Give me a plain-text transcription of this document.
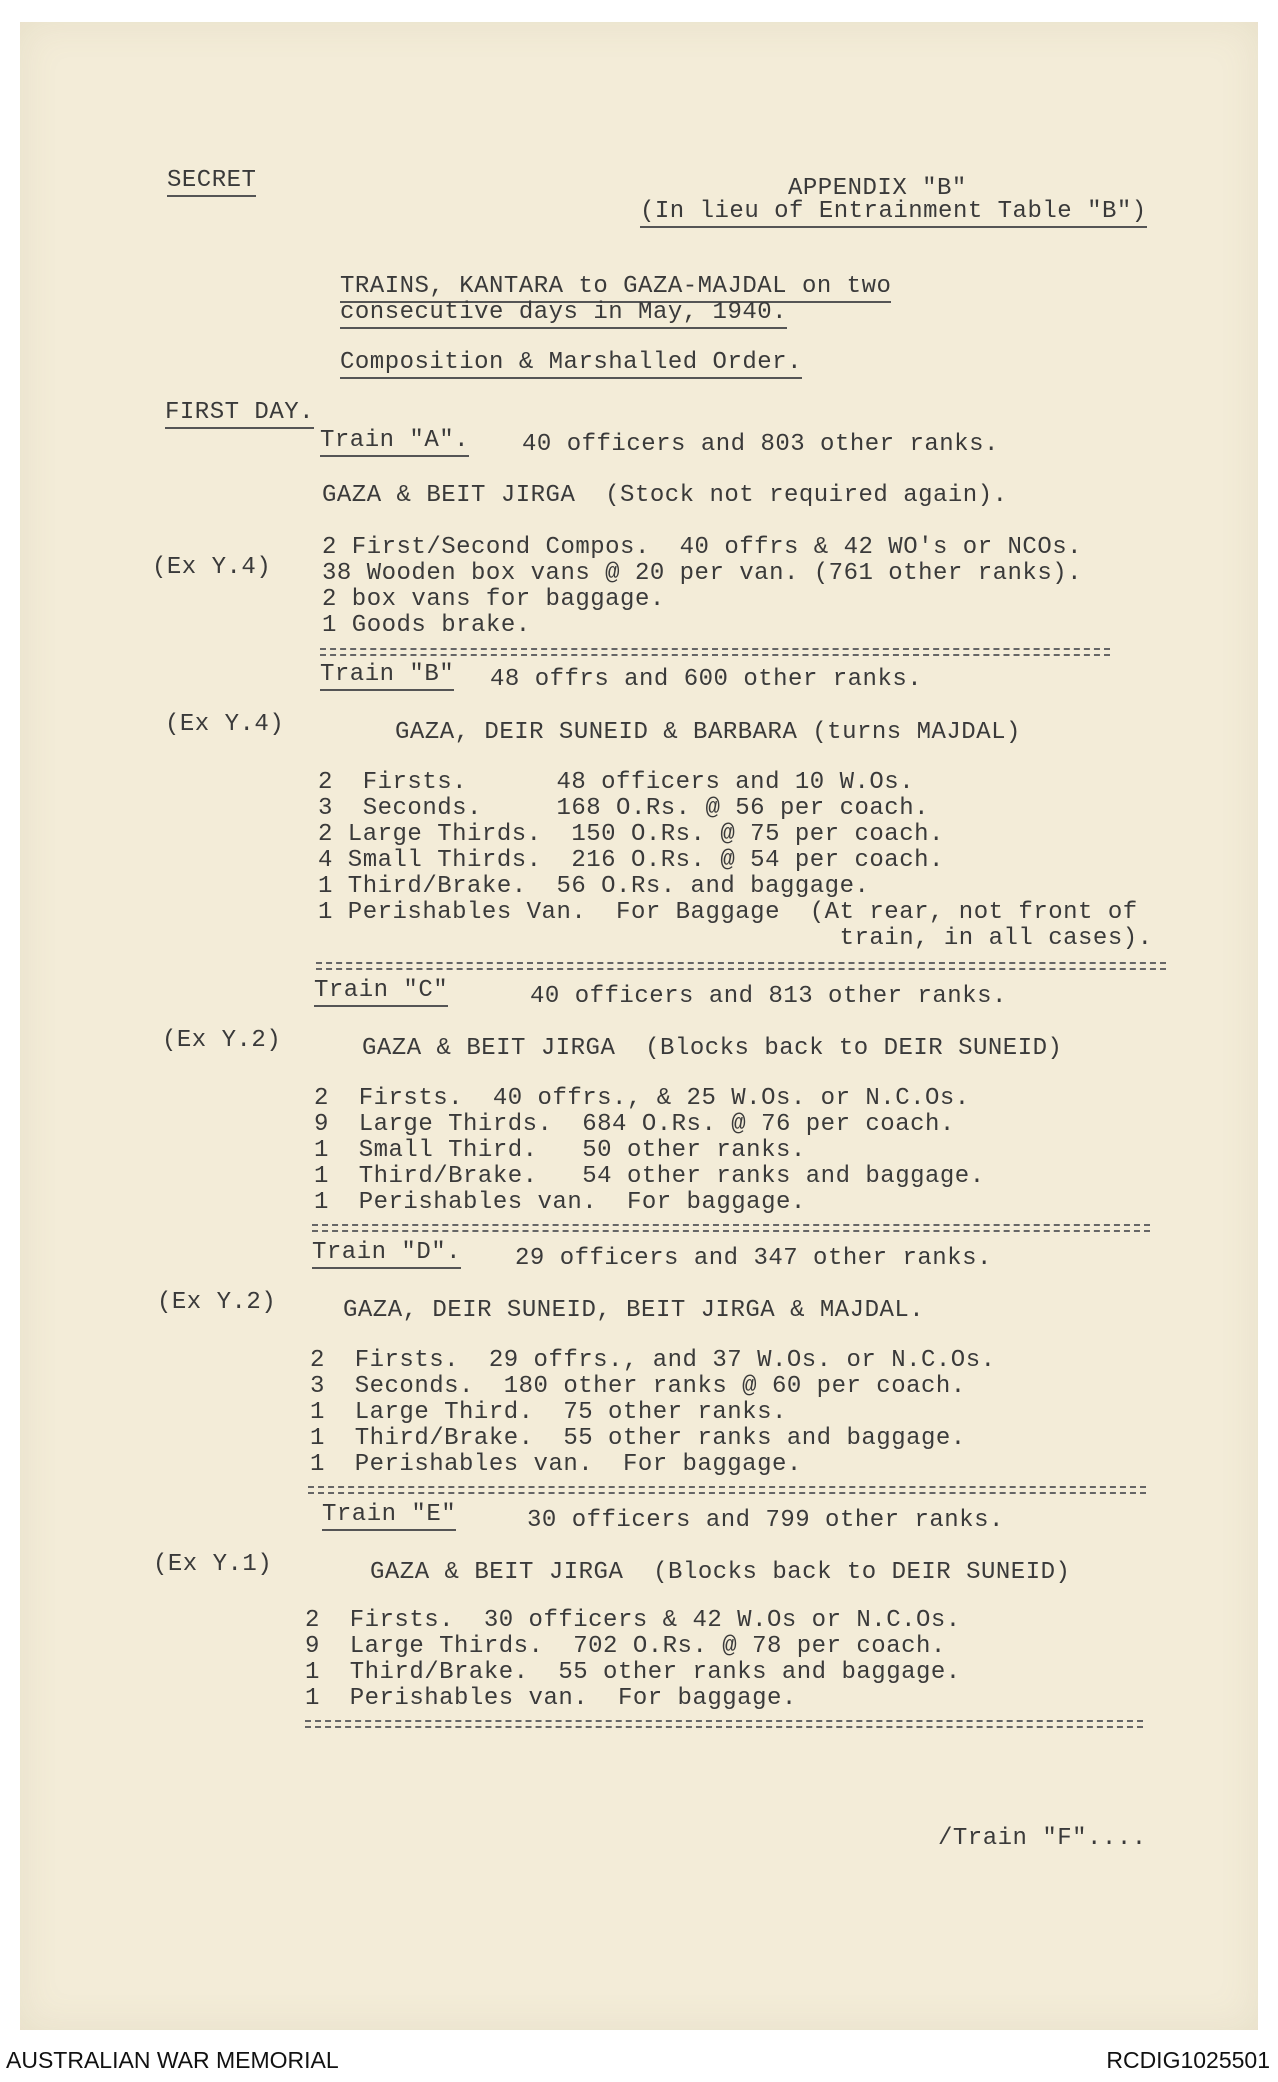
SECRET	APPENDIX "B"
(In lieu of Entrainment Table "B")
TRAINS, KANTARA to GAZA-MAJDAL on two
consecutive days in May, 1940.
Composition & Marshalled Order.
FIRST DAY.
Train "A". 40 officers and 803 other ranks.
GAZA & BEIT JIRGA  (Stock not required again).
(Ex Y.4)
2 First/Second Compos.  40 offrs & 42 WO's or NCOs.
38 Wooden box vans @ 20 per van. (761 other ranks).
2 box vans for baggage.
1 Goods brake.
Train "B" 48 offrs and 600 other ranks.
(Ex Y.4)	GAZA, DEIR SUNEID & BARBARA (turns MAJDAL)
2  Firsts.      48 officers and 10 W.Os.
3  Seconds.     168 O.Rs. @ 56 per coach.
2 Large Thirds.  150 O.Rs. @ 75 per coach.
4 Small Thirds.  216 O.Rs. @ 54 per coach.
1 Third/Brake.  56 O.Rs. and baggage.
1 Perishables Van.  For Baggage  (At rear, not front of
train, in all cases).
Train "C"	40 officers and 813 other ranks.
(Ex Y.2)	GAZA & BEIT JIRGA  (Blocks back to DEIR SUNEID)
2  Firsts.  40 offrs., & 25 W.Os. or N.C.Os.
9  Large Thirds.  684 O.Rs. @ 76 per coach.
1  Small Third.   50 other ranks.
1  Third/Brake.   54 other ranks and baggage.
1  Perishables van.  For baggage.
Train "D". 29 officers and 347 other ranks.
(Ex Y.2)	GAZA, DEIR SUNEID, BEIT JIRGA & MAJDAL.
2  Firsts.  29 offrs., and 37 W.Os. or N.C.Os.
3  Seconds.  180 other ranks @ 60 per coach.
1  Large Third.  75 other ranks.
1  Third/Brake.  55 other ranks and baggage.
1  Perishables van.  For baggage.
Train "E"	30 officers and 799 other ranks.
(Ex Y.1)	GAZA & BEIT JIRGA  (Blocks back to DEIR SUNEID)
2  Firsts.  30 officers & 42 W.Os or N.C.Os.
9  Large Thirds.  702 O.Rs. @ 78 per coach.
1  Third/Brake.  55 other ranks and baggage.
1  Perishables van.  For baggage.
/Train "F"....
AUSTRALIAN WAR MEMORIAL	RCDIG1025501
